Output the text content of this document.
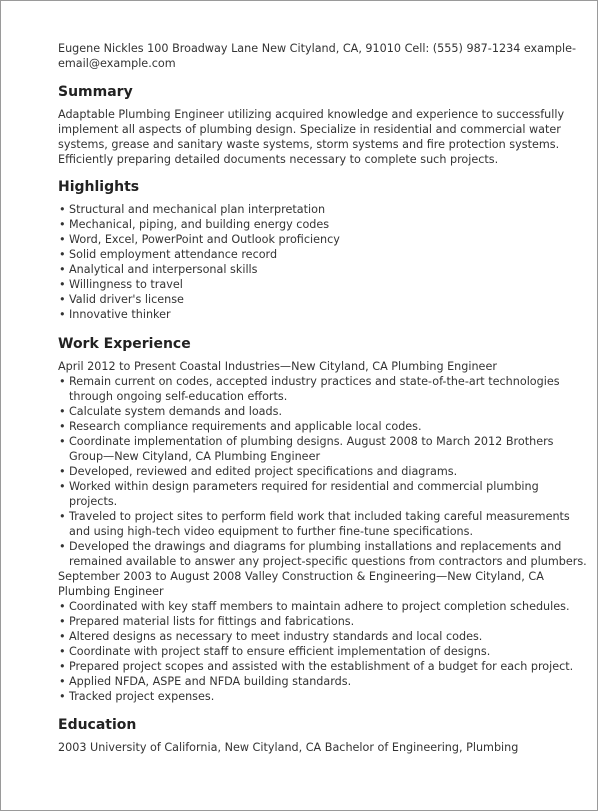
Eugene Nickles 100 Broadway Lane New Cityland, CA, 91010 Cell: (555) 987-1234 example-email@example.com
Summary

Adaptable Plumbing Engineer utilizing acquired knowledge and experience to successfully implement all aspects of plumbing design. Specialize in residential and commercial water systems, grease and sanitary waste systems, storm systems and fire protection systems. Efficiently preparing detailed documents necessary to complete such projects.

Highlights
• Structural and mechanical plan interpretation
• Mechanical, piping, and building energy codes
• Word, Excel, PowerPoint and Outlook proficiency
• Solid employment attendance record
• Analytical and interpersonal skills
• Willingness to travel
• Valid driver's license
• Innovative thinker
Work Experience
April 2012 to Present Coastal Industries—New Cityland, CA Plumbing Engineer
• Remain current on codes, accepted industry practices and state-of-the-art technologies through ongoing self-education efforts.
• Calculate system demands and loads.
• Research compliance requirements and applicable local codes.
• Coordinate implementation of plumbing designs. August 2008 to March 2012 Brothers Group—New Cityland, CA Plumbing Engineer
• Developed, reviewed and edited project specifications and diagrams.
• Worked within design parameters required for residential and commercial plumbing projects.
• Traveled to project sites to perform field work that included taking careful measurements and using high-tech video equipment to further fine-tune specifications.
• Developed the drawings and diagrams for plumbing installations and replacements and remained available to answer any project-specific questions from contractors and plumbers.
September 2003 to August 2008 Valley Construction & Engineering—New Cityland, CA Plumbing Engineer
• Coordinated with key staff members to maintain adhere to project completion schedules.
• Prepared material lists for fittings and fabrications.
• Altered designs as necessary to meet industry standards and local codes.
• Coordinate with project staff to ensure efficient implementation of designs.
• Prepared project scopes and assisted with the establishment of a budget for each project.
• Applied NFDA, ASPE and NFDA building standards.
• Tracked project expenses.
Education
2003 University of California, New Cityland, CA Bachelor of Engineering, Plumbing
